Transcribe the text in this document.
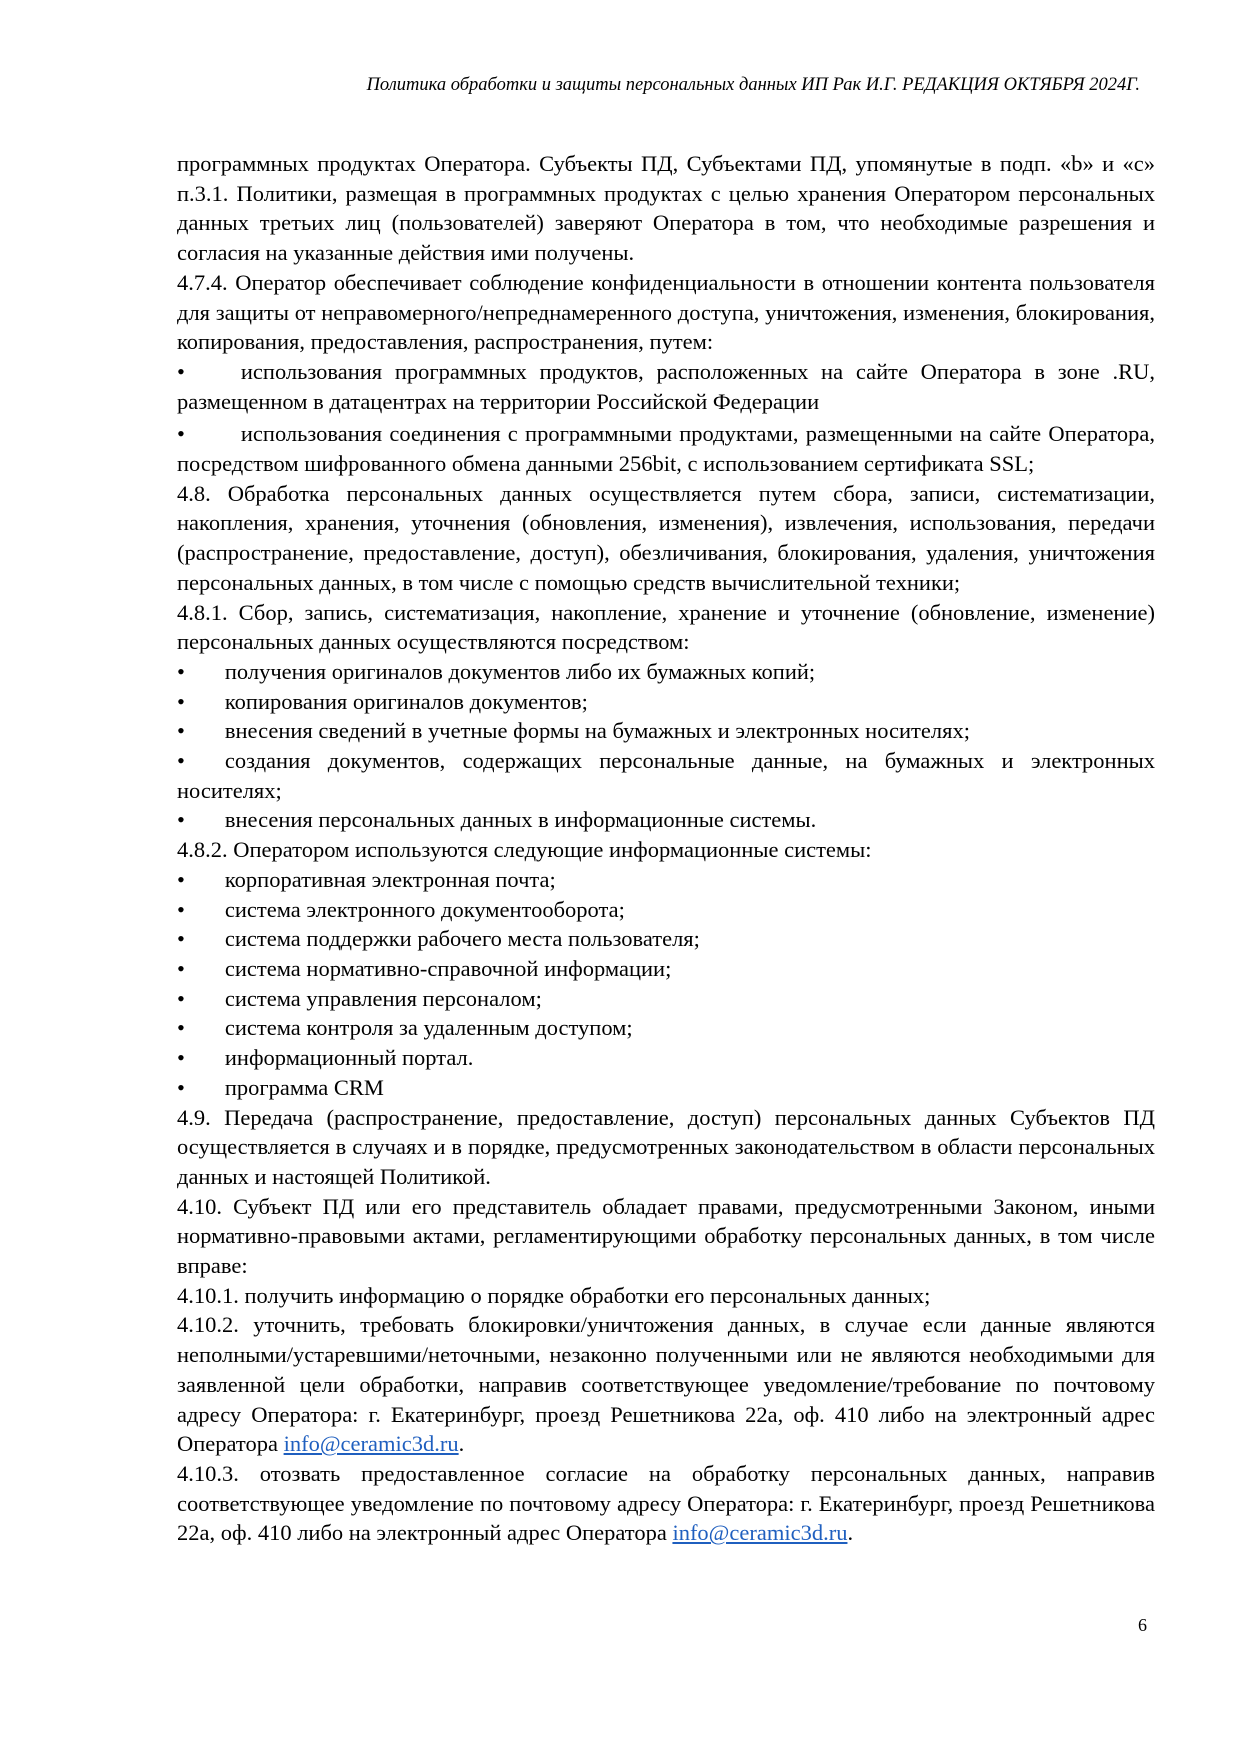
Политика обработки и защиты персональных данных ИП Рак И.Г. РЕДАКЦИЯ ОКТЯБРЯ 2024Г.

программных продуктах Оператора. Субъекты ПД, Субъектами ПД, упомянутые в подп. «b» и «c» п.3.1. Политики, размещая в программных продуктах с целью хранения Оператором персональных данных третьих лиц (пользователей) заверяют Оператора в том, что необходимые разрешения и согласия на указанные действия ими получены.

4.7.4. Оператор обеспечивает соблюдение конфиденциальности в отношении контента пользователя для защиты от неправомерного/непреднамеренного доступа, уничтожения, изменения, блокирования, копирования, предоставления, распространения, путем:

• использования программных продуктов, расположенных на сайте Оператора в зоне .RU, размещенном в датацентрах на территории Российской Федерации
• использования соединения с программными продуктами, размещенными на сайте Оператора, посредством шифрованного обмена данными 256bit, с использованием сертификата SSL;

4.8. Обработка персональных данных осуществляется путем сбора, записи, систематизации, накопления, хранения, уточнения (обновления, изменения), извлечения, использования, передачи (распространение, предоставление, доступ), обезличивания, блокирования, удаления, уничтожения персональных данных, в том числе с помощью средств вычислительной техники;

4.8.1. Сбор, запись, систематизация, накопление, хранение и уточнение (обновление, изменение) персональных данных осуществляются посредством:

• получения оригиналов документов либо их бумажных копий;
• копирования оригиналов документов;
• внесения сведений в учетные формы на бумажных и электронных носителях;
• создания документов, содержащих персональные данные, на бумажных и электронных носителях;
• внесения персональных данных в информационные системы.

4.8.2. Оператором используются следующие информационные системы:

• корпоративная электронная почта;
• система электронного документооборота;
• система поддержки рабочего места пользователя;
• система нормативно-справочной информации;
• система управления персоналом;
• система контроля за удаленным доступом;
• информационный портал.
• программа CRM

4.9. Передача (распространение, предоставление, доступ) персональных данных Субъектов ПД осуществляется в случаях и в порядке, предусмотренных законодательством в области персональных данных и настоящей Политикой.

4.10. Субъект ПД или его представитель обладает правами, предусмотренными Законом, иными нормативно-правовыми актами, регламентирующими обработку персональных данных, в том числе вправе:

4.10.1. получить информацию о порядке обработки его персональных данных;

4.10.2. уточнить, требовать блокировки/уничтожения данных, в случае если данные являются неполными/устаревшими/неточными, незаконно полученными или не являются необходимыми для заявленной цели обработки, направив соответствующее уведомление/требование по почтовому адресу Оператора: г. Екатеринбург, проезд Решетникова 22а, оф. 410 либо на электронный адрес Оператора info@ceramic3d.ru.

4.10.3. отозвать предоставленное согласие на обработку персональных данных, направив соответствующее уведомление по почтовому адресу Оператора: г. Екатеринбург, проезд Решетникова 22а, оф. 410 либо на электронный адрес Оператора info@ceramic3d.ru.

6
